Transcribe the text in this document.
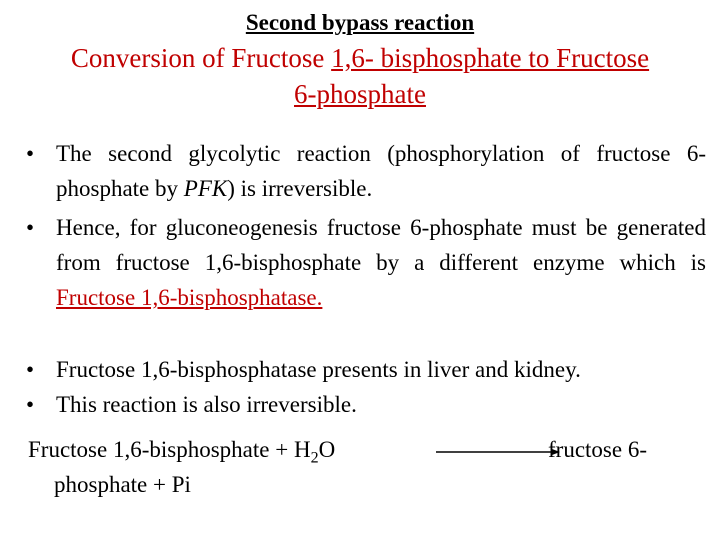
Second bypass reaction
Conversion of Fructose 1,6- bisphosphate to Fructose
6-phosphate
• The second glycolytic reaction (phosphorylation of fructose 6-phosphate by PFK) is irreversible.
• Hence, for gluconeogenesis fructose 6-phosphate must be generated from fructose 1,6-bisphosphate by a different enzyme which is Fructose 1,6-bisphosphatase.
• Fructose 1,6-bisphosphatase presents in liver and kidney.
• This reaction is also irreversible.
Fructose 1,6-bisphosphate + $H_2O$	fructose 6-
phosphate + Pi
